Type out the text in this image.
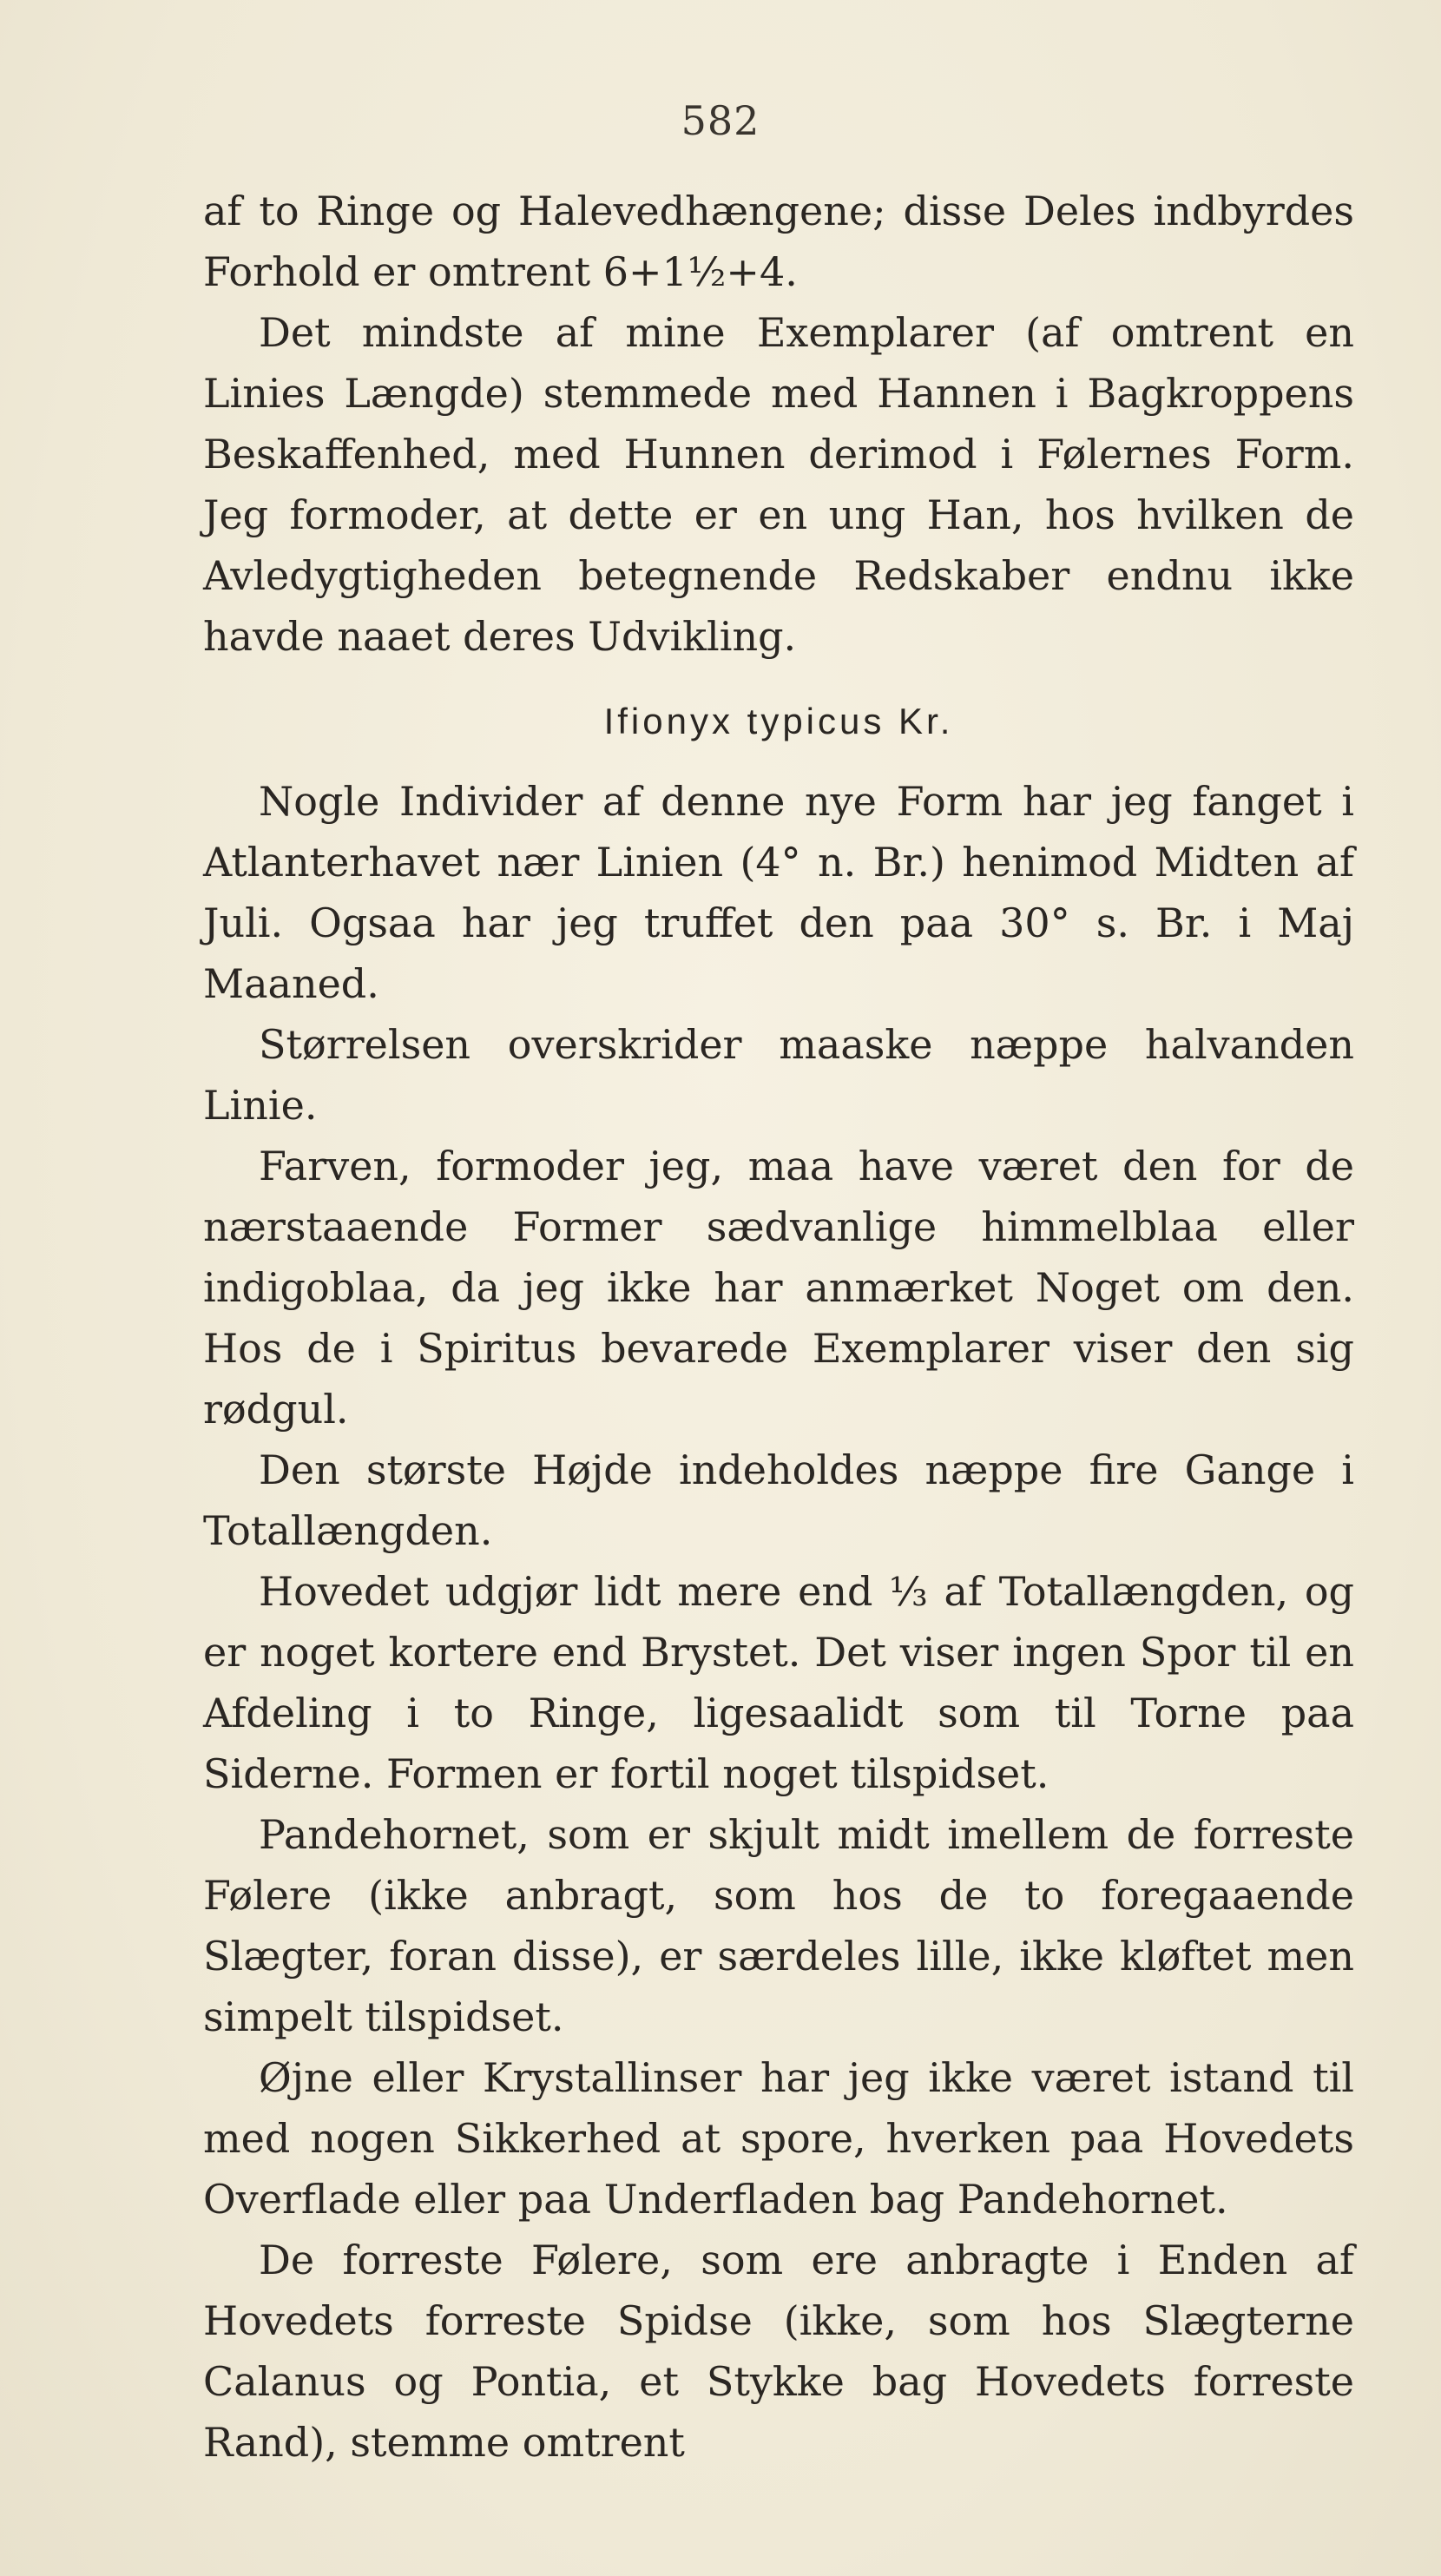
582

af to Ringe og Halevedhængene; disse Deles indbyrdes Forhold er omtrent 6+1½+4.

Det mindste af mine Exemplarer (af omtrent en Linies Længde) stemmede med Hannen i Bagkroppens Beskaffenhed, med Hunnen derimod i Følernes Form. Jeg formoder, at dette er en ung Han, hos hvilken de Avledygtigheden betegnende Redskaber endnu ikke havde naaet deres Udvikling.

Ifionyx typicus Kr.

Nogle Individer af denne nye Form har jeg fanget i Atlanterhavet nær Linien (4° n. Br.) henimod Midten af Juli. Ogsaa har jeg truffet den paa 30° s. Br. i Maj Maaned.

Størrelsen overskrider maaske næppe halvanden Linie.

Farven, formoder jeg, maa have været den for de nærstaaende Former sædvanlige himmelblaa eller indigoblaa, da jeg ikke har anmærket Noget om den. Hos de i Spiritus bevarede Exemplarer viser den sig rødgul.

Den største Højde indeholdes næppe fire Gange i Totallængden.

Hovedet udgjør lidt mere end ⅓ af Totallængden, og er noget kortere end Brystet. Det viser ingen Spor til en Afdeling i to Ringe, ligesaalidt som til Torne paa Siderne. Formen er fortil noget tilspidset.

Pandehornet, som er skjult midt imellem de forreste Følere (ikke anbragt, som hos de to foregaaende Slægter, foran disse), er særdeles lille, ikke kløftet men simpelt tilspidset.

Øjne eller Krystallinser har jeg ikke været istand til med nogen Sikkerhed at spore, hverken paa Hovedets Overflade eller paa Underfladen bag Pandehornet.

De forreste Følere, som ere anbragte i Enden af Hovedets forreste Spidse (ikke, som hos Slægterne Calanus og Pontia, et Stykke bag Hovedets forreste Rand), stemme omtrent
